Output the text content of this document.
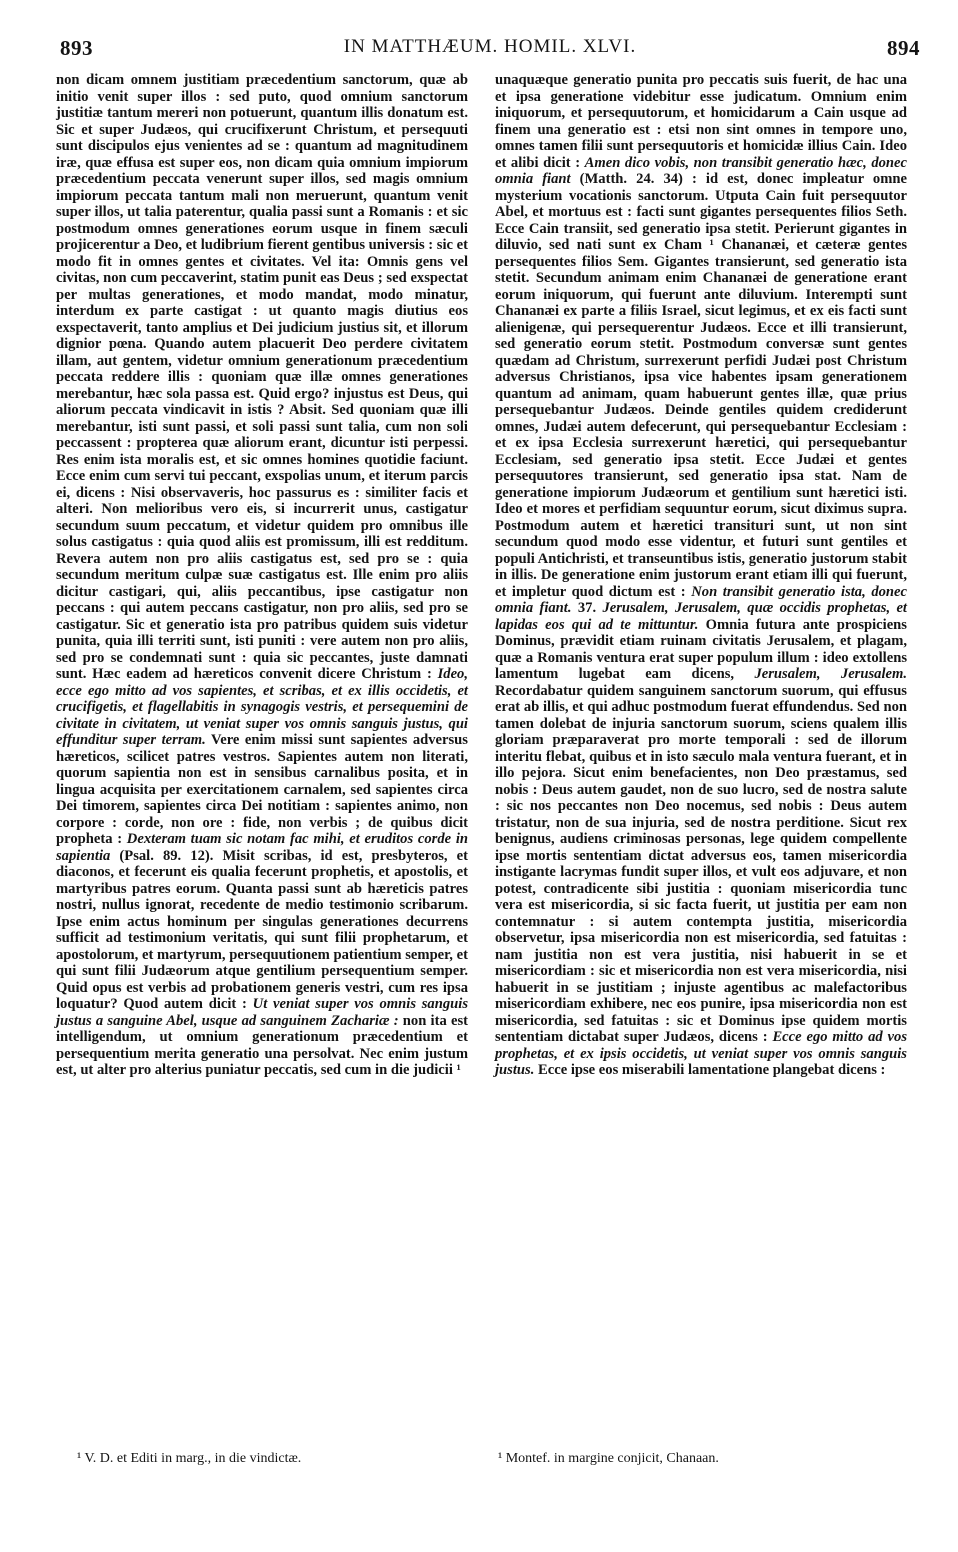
893	IN MATTHÆUM. HOMIL. XLVI.	894

non dicam omnem justitiam præcedentium sanctorum, quæ ab initio venit super illos : sed puto, quod omnium sanctorum justitiæ tantum mereri non potuerunt, quantum illis donatum est. Sic et super Judæos, qui crucifixerunt Christum, et persequuti sunt discipulos ejus venientes ad se : quantum ad magnitudinem iræ, quæ effusa est super eos, non dicam quia omnium impiorum præcedentium peccata venerunt super illos, sed magis omnium impiorum peccata tantum mali non meruerunt, quantum venit super illos, ut talia paterentur, qualia passi sunt a Romanis : et sic postmodum omnes generationes eorum usque in finem sæculi projicerentur a Deo, et ludibrium fierent gentibus universis : sic et modo fit in omnes gentes et civitates. Vel ita: Omnis gens vel civitas, non cum peccaverint, statim punit eas Deus ; sed exspectat per multas generationes, et modo mandat, modo minatur, interdum ex parte castigat : ut quanto magis diutius eos exspectaverit, tanto amplius et Dei judicium justius sit, et illorum dignior pœna. Quando autem placuerit Deo perdere civitatem illam, aut gentem, videtur omnium generationum præcedentium peccata reddere illis : quoniam quæ illæ omnes generationes merebantur, hæc sola passa est. Quid ergo? injustus est Deus, qui aliorum peccata vindicavit in istis ? Absit. Sed quoniam quæ illi merebantur, isti sunt passi, et soli passi sunt talia, cum non soli peccassent : propterea quæ aliorum erant, dicuntur isti perpessi. Res enim ista moralis est, et sic omnes homines quotidie faciunt. Ecce enim cum servi tui peccant, exspolias unum, et iterum parcis ei, dicens : Nisi observaveris, hoc passurus es : similiter facis et alteri. Non melioribus vero eis, si incurrerit unus, castigatur secundum suum peccatum, et videtur quidem pro omnibus ille solus castigatus : quia quod aliis est promissum, illi est redditum. Revera autem non pro aliis castigatus est, sed pro se : quia secundum meritum culpæ suæ castigatus est. Ille enim pro aliis dicitur castigari, qui, aliis peccantibus, ipse castigatur non peccans : qui autem peccans castigatur, non pro aliis, sed pro se castigatur. Sic et generatio ista pro patribus quidem suis videtur punita, quia illi territi sunt, isti puniti : vere autem non pro aliis, sed pro se condemnati sunt : quia sic peccantes, juste damnati sunt. Hæc eadem ad hæreticos convenit dicere Christum : Ideo, ecce ego mitto ad vos sapientes, et scribas, et ex illis occidetis, et crucifigetis, et flagellabitis in synagogis vestris, et persequemini de civitate in civitatem, ut veniat super vos omnis sanguis justus, qui effunditur super terram. Vere enim missi sunt sapientes adversus hæreticos, scilicet patres vestros. Sapientes autem non literati, quorum sapientia non est in sensibus carnalibus posita, et in lingua acquisita per exercitationem carnalem, sed sapientes circa Dei timorem, sapientes circa Dei notitiam : sapientes animo, non corpore : corde, non ore : fide, non verbis ; de quibus dicit propheta : Dexteram tuam sic notam fac mihi, et eruditos corde in sapientia (Psal. 89. 12). Misit scribas, id est, presbyteros, et diaconos, et fecerunt eis qualia fecerunt prophetis, et apostolis, et martyribus patres eorum. Quanta passi sunt ab hæreticis patres nostri, nullus ignorat, recedente de medio testimonio scribarum. Ipse enim actus hominum per singulas generationes decurrens sufficit ad testimonium veritatis, qui sunt filii prophetarum, et apostolorum, et martyrum, persequutionem patientium semper, et qui sunt filii Judæorum atque gentilium persequentium semper. Quid opus est verbis ad probationem generis vestri, cum res ipsa loquatur? Quod autem dicit : Ut veniat super vos omnis sanguis justus a sanguine Abel, usque ad sanguinem Zachariæ : non ita est intelligendum, ut omnium generationum præcedentium et persequentium merita generatio una persolvat. Nec enim justum est, ut alter pro alterius puniatur peccatis, sed cum in die judicii ¹

unaquæque generatio punita pro peccatis suis fuerit, de hac una et ipsa generatione videbitur esse judicatum. Omnium enim iniquorum, et persequutorum, et homicidarum a Cain usque ad finem una generatio est : etsi non sint omnes in tempore uno, omnes tamen filii sunt persequutoris et homicidæ illius Cain. Ideo et alibi dicit : Amen dico vobis, non transibit generatio hæc, donec omnia fiant (Matth. 24. 34) : id est, donec impleatur omne mysterium vocationis sanctorum. Utputa Cain fuit persequutor Abel, et mortuus est : facti sunt gigantes persequentes filios Seth. Ecce Cain transiit, sed generatio ipsa stetit. Perierunt gigantes in diluvio, sed nati sunt ex Cham ¹ Chananæi, et cæteræ gentes persequentes filios Sem. Gigantes transierunt, sed generatio ista stetit. Secundum animam enim Chananæi de generatione erant eorum iniquorum, qui fuerunt ante diluvium. Interempti sunt Chananæi ex parte a filiis Israel, sicut legimus, et ex eis facti sunt alienigenæ, qui persequerentur Judæos. Ecce et illi transierunt, sed generatio eorum stetit. Postmodum conversæ sunt gentes quædam ad Christum, surrexerunt perfidi Judæi post Christum adversus Christianos, ipsa vice habentes ipsam generationem quantum ad animam, quam habuerunt gentes illæ, quæ prius persequebantur Judæos. Deinde gentiles quidem crediderunt omnes, Judæi autem defecerunt, qui persequebantur Ecclesiam : et ex ipsa Ecclesia surrexerunt hæretici, qui persequebantur Ecclesiam, sed generatio ipsa stetit. Ecce Judæi et gentes persequutores transierunt, sed generatio ipsa stat. Nam de generatione impiorum Judæorum et gentilium sunt hæretici isti. Ideo et mores et perfidiam sequuntur eorum, sicut diximus supra. Postmodum autem et hæretici transituri sunt, ut non sint secundum quod modo esse videntur, et futuri sunt gentiles et populi Antichristi, et transeuntibus istis, generatio justorum stabit in illis. De generatione enim justorum erant etiam illi qui fuerunt, et impletur quod dictum est : Non transibit generatio ista, donec omnia fiant. 37. Jerusalem, Jerusalem, quæ occidis prophetas, et lapidas eos qui ad te mittuntur. Omnia futura ante prospiciens Dominus, prævidit etiam ruinam civitatis Jerusalem, et plagam, quæ a Romanis ventura erat super populum illum : ideo extollens lamentum lugebat eam dicens, Jerusalem, Jerusalem. Recordabatur quidem sanguinem sanctorum suorum, qui effusus erat ab illis, et qui adhuc postmodum fuerat effundendus. Sed non tamen dolebat de injuria sanctorum suorum, sciens qualem illis gloriam præparaverat pro morte temporali : sed de illorum interitu flebat, quibus et in isto sæculo mala ventura fuerant, et in illo pejora. Sicut enim benefacientes, non Deo præstamus, sed nobis : Deus autem gaudet, non de suo lucro, sed de nostra salute : sic nos peccantes non Deo nocemus, sed nobis : Deus autem tristatur, non de sua injuria, sed de nostra perditione. Sicut rex benignus, audiens criminosas personas, lege quidem compellente ipse mortis sententiam dictat adversus eos, tamen misericordia instigante lacrymas fundit super illos, et vult eos adjuvare, et non potest, contradicente sibi justitia : quoniam misericordia tunc vera est misericordia, si sic facta fuerit, ut justitia per eam non contemnatur : si autem contempta justitia, misericordia observetur, ipsa misericordia non est misericordia, sed fatuitas : nam justitia non est vera justitia, nisi habuerit in se et misericordiam : sic et misericordia non est vera misericordia, nisi habuerit in se justitiam ; injuste agentibus ac malefactoribus misericordiam exhibere, nec eos punire, ipsa misericordia non est misericordia, sed fatuitas : sic et Dominus ipse quidem mortis sententiam dictabat super Judæos, dicens : Ecce ego mitto ad vos prophetas, et ex ipsis occidetis, ut veniat super vos omnis sanguis justus. Ecce ipse eos miserabili lamentatione plangebat dicens :

¹ V. D. et Editi in marg., in die vindictæ.	¹ Montef. in margine conjicit, Chanaan.
